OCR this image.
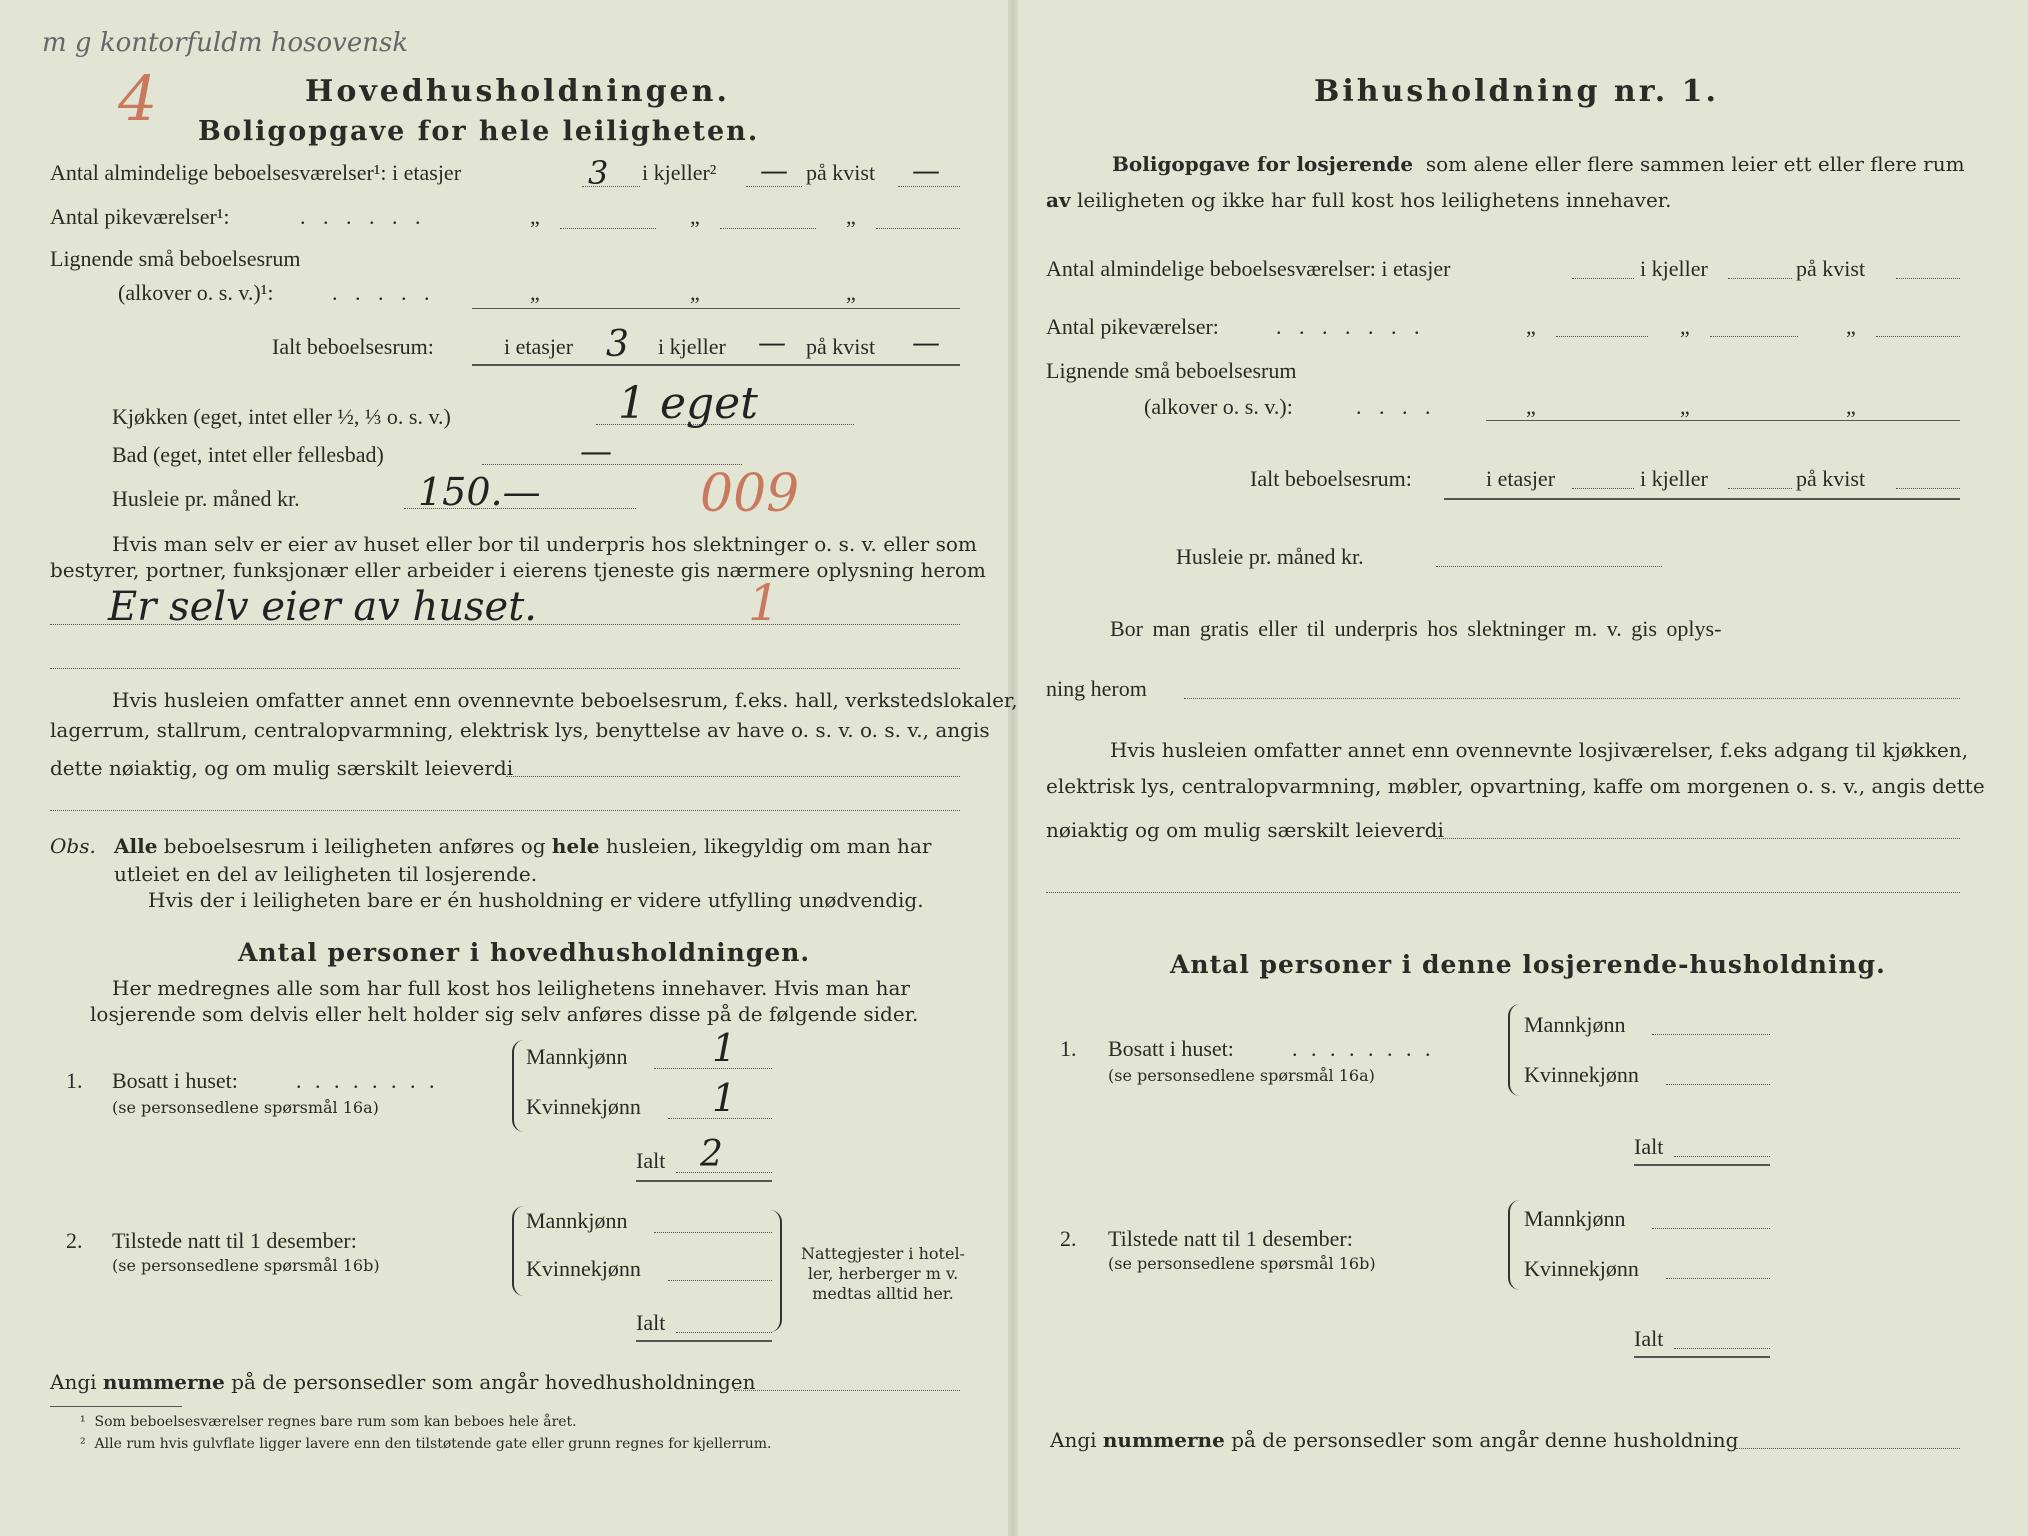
m g kontorfuldm hosovensk
4	Hovedhusholdningen.
Boligopgave for hele leiligheten.
Antal almindelige beboelsesværelser¹: i etasjer	3 i kjeller² — på kvist —
Antal pikeværelser¹:	. . . . . .	„	„	„
Lignende små beboelsesrum
(alkover o. s. v.)¹:	. . . . .	„	„	„
Ialt beboelsesrum:	i etasjer 3 i kjeller — på kvist —
Kjøkken (eget, intet eller ½, ⅓ o. s. v.)	1 eget
Bad (eget, intet eller fellesbad)	—
Husleie pr. måned kr.	150.—	009
Hvis man selv er eier av huset eller bor til underpris hos slektninger o. s. v. eller som
bestyrer, portner, funksjonær eller arbeider i eierens tjeneste gis nærmere oplysning herom
Er selv eier av huset.	1
Hvis husleien omfatter annet enn ovennevnte beboelsesrum, f.eks. hall, verkstedslokaler,
lagerrum, stallrum, centralopvarmning, elektrisk lys, benyttelse av have o. s. v. o. s. v., angis
dette nøiaktig, og om mulig særskilt leieverdi
Obs. Alle beboelsesrum i leiligheten anføres og hele husleien, likegyldig om man har
utleiet en del av leiligheten til losjerende.
Hvis der i leiligheten bare er én husholdning er videre utfylling unødvendig.
Antal personer i hovedhusholdningen.
Her medregnes alle som har full kost hos leilighetens innehaver. Hvis man har
losjerende som delvis eller helt holder sig selv anføres disse på de følgende sider.
1. Bosatt i huset:	. . . . . . . .
(se personsedlene spørsmål 16a)
Mannkjønn 1
Kvinnekjønn 1
Ialt 2
2. Tilstede natt til 1 desember:
(se personsedlene spørsmål 16b)
Mannkjønn
Kvinnekjønn
Ialt
Nattegjester i hotel-
ler, herberger m v.
medtas alltid her.
Angi nummerne på de personsedler som angår hovedhusholdningen
¹ Som beboelsesværelser regnes bare rum som kan beboes hele året.
² Alle rum hvis gulvflate ligger lavere enn den tilstøtende gate eller grunn regnes for kjellerrum.
Bihusholdning nr. 1.
Boligopgave for losjerende som alene eller flere sammen leier ett eller flere rum
av leiligheten og ikke har full kost hos leilighetens innehaver.
Antal almindelige beboelsesværelser: i etasjer	i kjeller	på kvist
Antal pikeværelser:	. . . . . . .	„	„	„
Lignende små beboelsesrum
(alkover o. s. v.):	. . . .	„	„	„
Ialt beboelsesrum:	i etasjer	i kjeller	på kvist
Husleie pr. måned kr.
Bor man gratis eller til underpris hos slektninger m. v. gis oplys-
ning herom
Hvis husleien omfatter annet enn ovennevnte losjiværelser, f.eks adgang til kjøkken,
elektrisk lys, centralopvarmning, møbler, opvartning, kaffe om morgenen o. s. v., angis dette
nøiaktig og om mulig særskilt leieverdi
Antal personer i denne losjerende-husholdning.
1. Bosatt i huset:	. . . . . . . .
(se personsedlene spørsmål 16a)
Mannkjønn
Kvinnekjønn
Ialt
2. Tilstede natt til 1 desember:
(se personsedlene spørsmål 16b)
Mannkjønn
Kvinnekjønn
Ialt
Angi nummerne på de personsedler som angår denne husholdning
